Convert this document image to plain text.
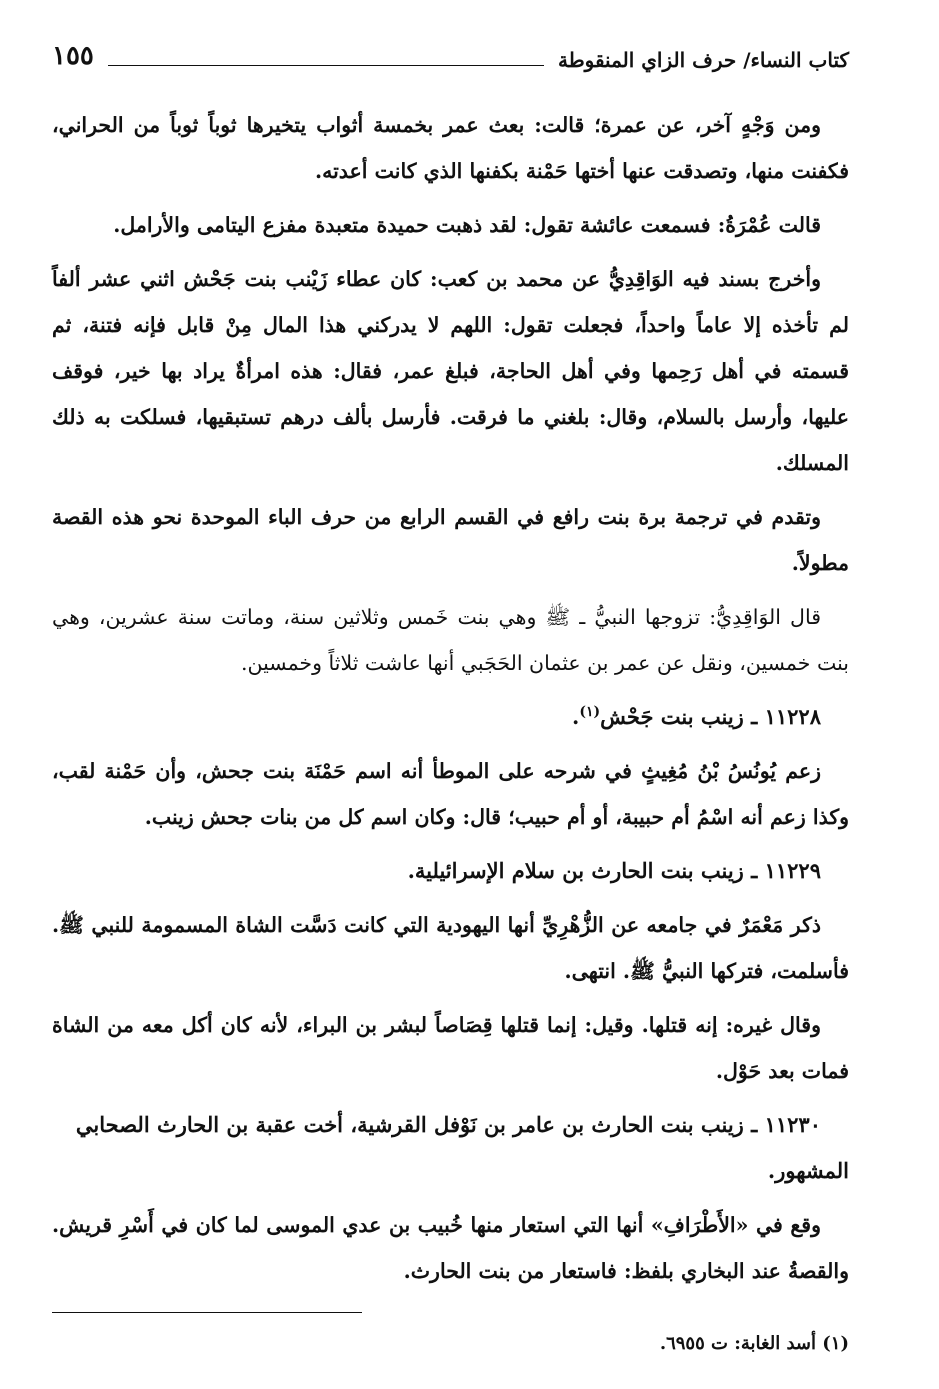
كتاب النساء/ حرف الزاي المنقوطة
١٥٥

ومن وَجْهٍ آخر، عن عمرة؛ قالت: بعث عمر بخمسة أثواب يتخيرها ثوباً ثوباً من الحراني، فكفنت منها، وتصدقت عنها أختها حَمْنة بكفنها الذي كانت أعدته.

قالت عُمْرَةُ: فسمعت عائشة تقول: لقد ذهبت حميدة متعبدة مفزع اليتامى والأرامل.

وأخرج بسند فيه الوَاقِدِيُّ عن محمد بن كعب: كان عطاء زَيْنب بنت جَحْش اثني عشر ألفاً لم تأخذه إلا عاماً واحداً، فجعلت تقول: اللهم لا يدركني هذا المال مِنْ قابل فإنه فتنة، ثم قسمته في أهل رَحِمها وفي أهل الحاجة، فبلغ عمر، فقال: هذه امرأةٌ يراد بها خير، فوقف عليها، وأرسل بالسلام، وقال: بلغني ما فرقت. فأرسل بألف درهم تستبقيها، فسلكت به ذلك المسلك.

وتقدم في ترجمة برة بنت رافع في القسم الرابع من حرف الباء الموحدة نحو هذه القصة مطولاً.

قال الوَاقِدِيُّ: تزوجها النبيُّ ـ ﷺ وهي بنت خَمس وثلاثين سنة، وماتت سنة عشرين، وهي بنت خمسين، ونقل عن عمر بن عثمان الحَجَبي أنها عاشت ثلاثاً وخمسين.

١١٢٢٨ ـ زينب بنت جَحْش$^{(١)}$.

زعم يُونُسُ بْنُ مُغِيثٍ في شرحه على الموطأ أنه اسم حَمْنَة بنت جحش، وأن حَمْنة لقب، وكذا زعم أنه اسْمُ أم حبيبة، أو أم حبيب؛ قال: وكان اسم كل من بنات جحش زينب.

١١٢٢٩ ـ زينب بنت الحارث بن سلام الإسرائيلية.

ذكر مَعْمَرٌ في جامعه عن الزُّهْرِيِّ أنها اليهودية التي كانت دَسَّت الشاة المسمومة للنبي ﷺ. فأسلمت، فتركها النبيُّ ﷺ. انتهى.

وقال غيره: إنه قتلها. وقيل: إنما قتلها قِصَاصاً لبشر بن البراء، لأنه كان أكل معه من الشاة فمات بعد حَوْل.

١١٢٣٠ ـ زينب بنت الحارث بن عامر بن نَوْفل القرشية، أخت عقبة بن الحارث الصحابي المشهور.

وقع في «الأَطْرَافِ» أنها التي استعار منها خُبيب بن عدي الموسى لما كان في أَسْرِ قريش. والقصةُ عند البخاري بلفظ: فاستعار من بنت الحارث.

(١) أسد الغابة: ت ٦٩٥٥.
